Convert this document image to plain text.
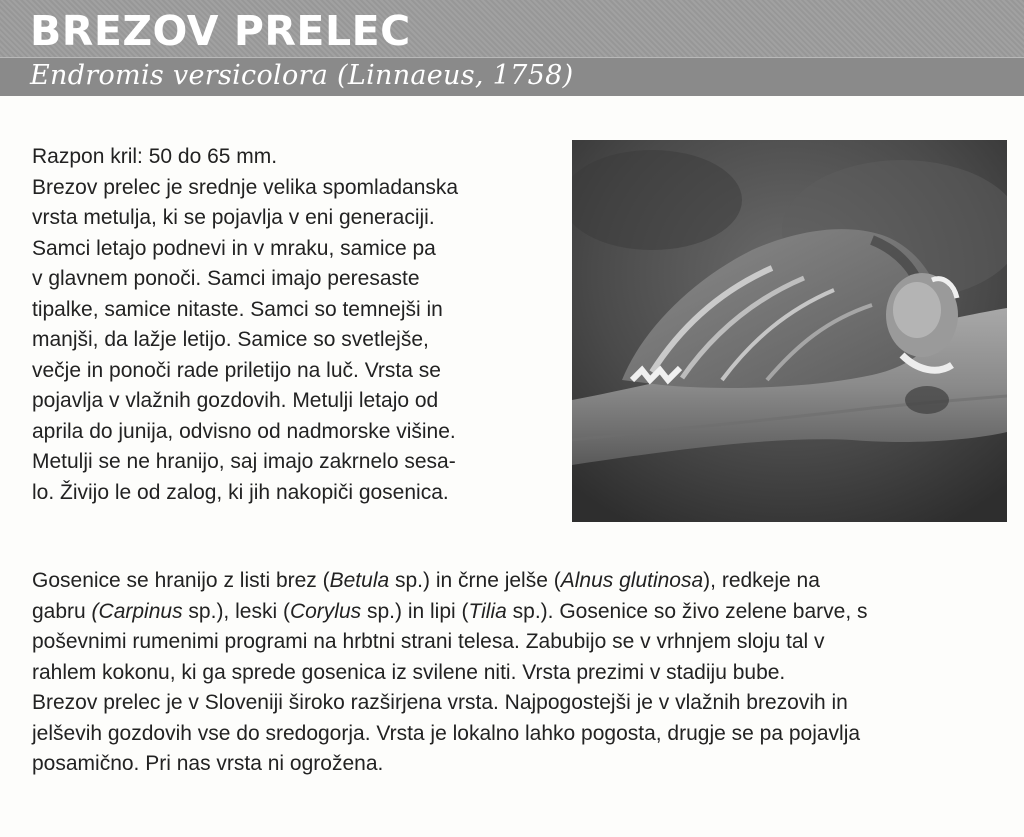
BREZOV PRELEC
Endromis versicolora (Linnaeus, 1758)
Razpon kril: 50 do 65 mm.
Brezov prelec je srednje velika spomladanska
vrsta metulja, ki se pojavlja v eni generaciji.
Samci letajo podnevi in v mraku, samice pa
v glavnem ponoči. Samci imajo peresaste
tipalke, samice nitaste. Samci so temnejši in
manjši, da lažje letijo. Samice so svetlejše,
večje in ponoči rade priletijo na luč. Vrsta se
pojavlja v vlažnih gozdovih. Metulji letajo od
aprila do junija, odvisno od nadmorske višine.
Metulji se ne hranijo, saj imajo zakrnelo sesa-
lo. Živijo le od zalog, ki jih nakopiči gosenica.
Gosenice se hranijo z listi brez (Betula sp.) in črne jelše (Alnus glutinosa), redkeje na
gabru (Carpinus sp.), leski (Corylus sp.) in lipi (Tilia sp.). Gosenice so živo zelene barve, s
poševnimi rumenimi programi na hrbtni strani telesa. Zabubijo se v vrhnjem sloju tal v
rahlem kokonu, ki ga sprede gosenica iz svilene niti. Vrsta prezimi v stadiju bube.
Brezov prelec je v Sloveniji široko razširjena vrsta. Najpogostejši je v vlažnih brezovih in
jelševih gozdovih vse do sredogorja. Vrsta je lokalno lahko pogosta, drugje se pa pojavlja
posamično. Pri nas vrsta ni ogrožena.
